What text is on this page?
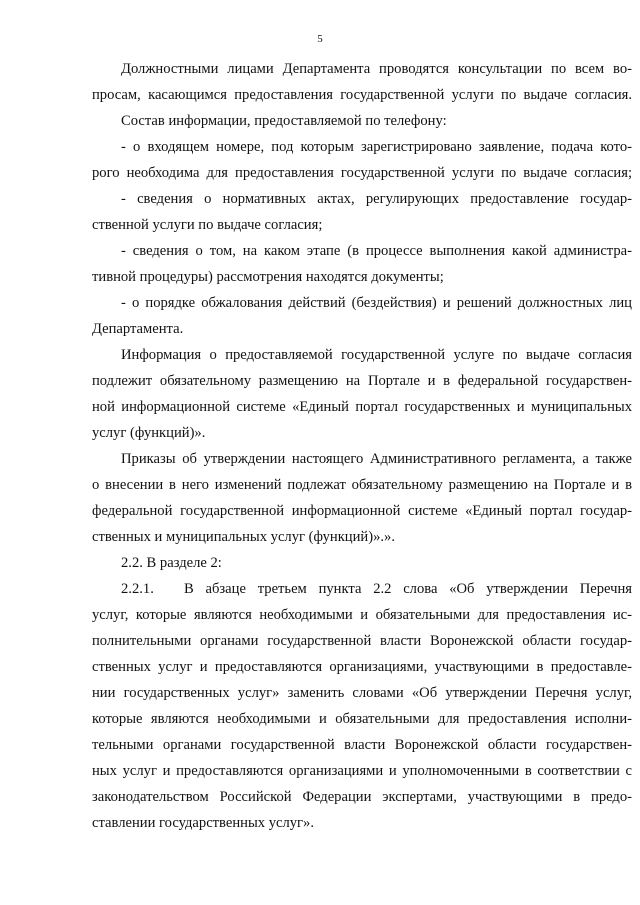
5
Должностными лицами Департамента проводятся консультации по всем во-
просам, касающимся предоставления государственной услуги по выдаче согласия.
Состав информации, предоставляемой по телефону:
- о входящем номере, под которым зарегистрировано заявление, подача кото-
рого необходима для предоставления государственной услуги по выдаче согласия;
- сведения о нормативных актах, регулирующих предоставление государ-
ственной услуги по выдаче согласия;
- сведения о том, на каком этапе (в процессе выполнения какой администра-
тивной процедуры) рассмотрения находятся документы;
- о порядке обжалования действий (бездействия) и решений должностных лиц
Департамента.
Информация о предоставляемой государственной услуге по выдаче согласия
подлежит обязательному размещению на Портале и в федеральной государствен-
ной информационной системе «Единый портал государственных и муниципальных
услуг (функций)».
Приказы об утверждении настоящего Административного регламента, а также
о внесении в него изменений подлежат обязательному размещению на Портале и в
федеральной государственной информационной системе «Единый портал государ-
ственных и муниципальных услуг (функций)».».
2.2. В разделе 2:
2.2.1.	В абзаце третьем пункта 2.2 слова «Об утверждении Перечня
услуг, которые являются необходимыми и обязательными для предоставления ис-
полнительными органами государственной власти Воронежской области государ-
ственных услуг и предоставляются организациями, участвующими в предоставле-
нии государственных услуг» заменить словами «Об утверждении Перечня услуг,
которые являются необходимыми и обязательными для предоставления исполни-
тельными органами государственной власти Воронежской области государствен-
ных услуг и предоставляются организациями и уполномоченными в соответствии с
законодательством Российской Федерации экспертами, участвующими в предо-
ставлении государственных услуг».
